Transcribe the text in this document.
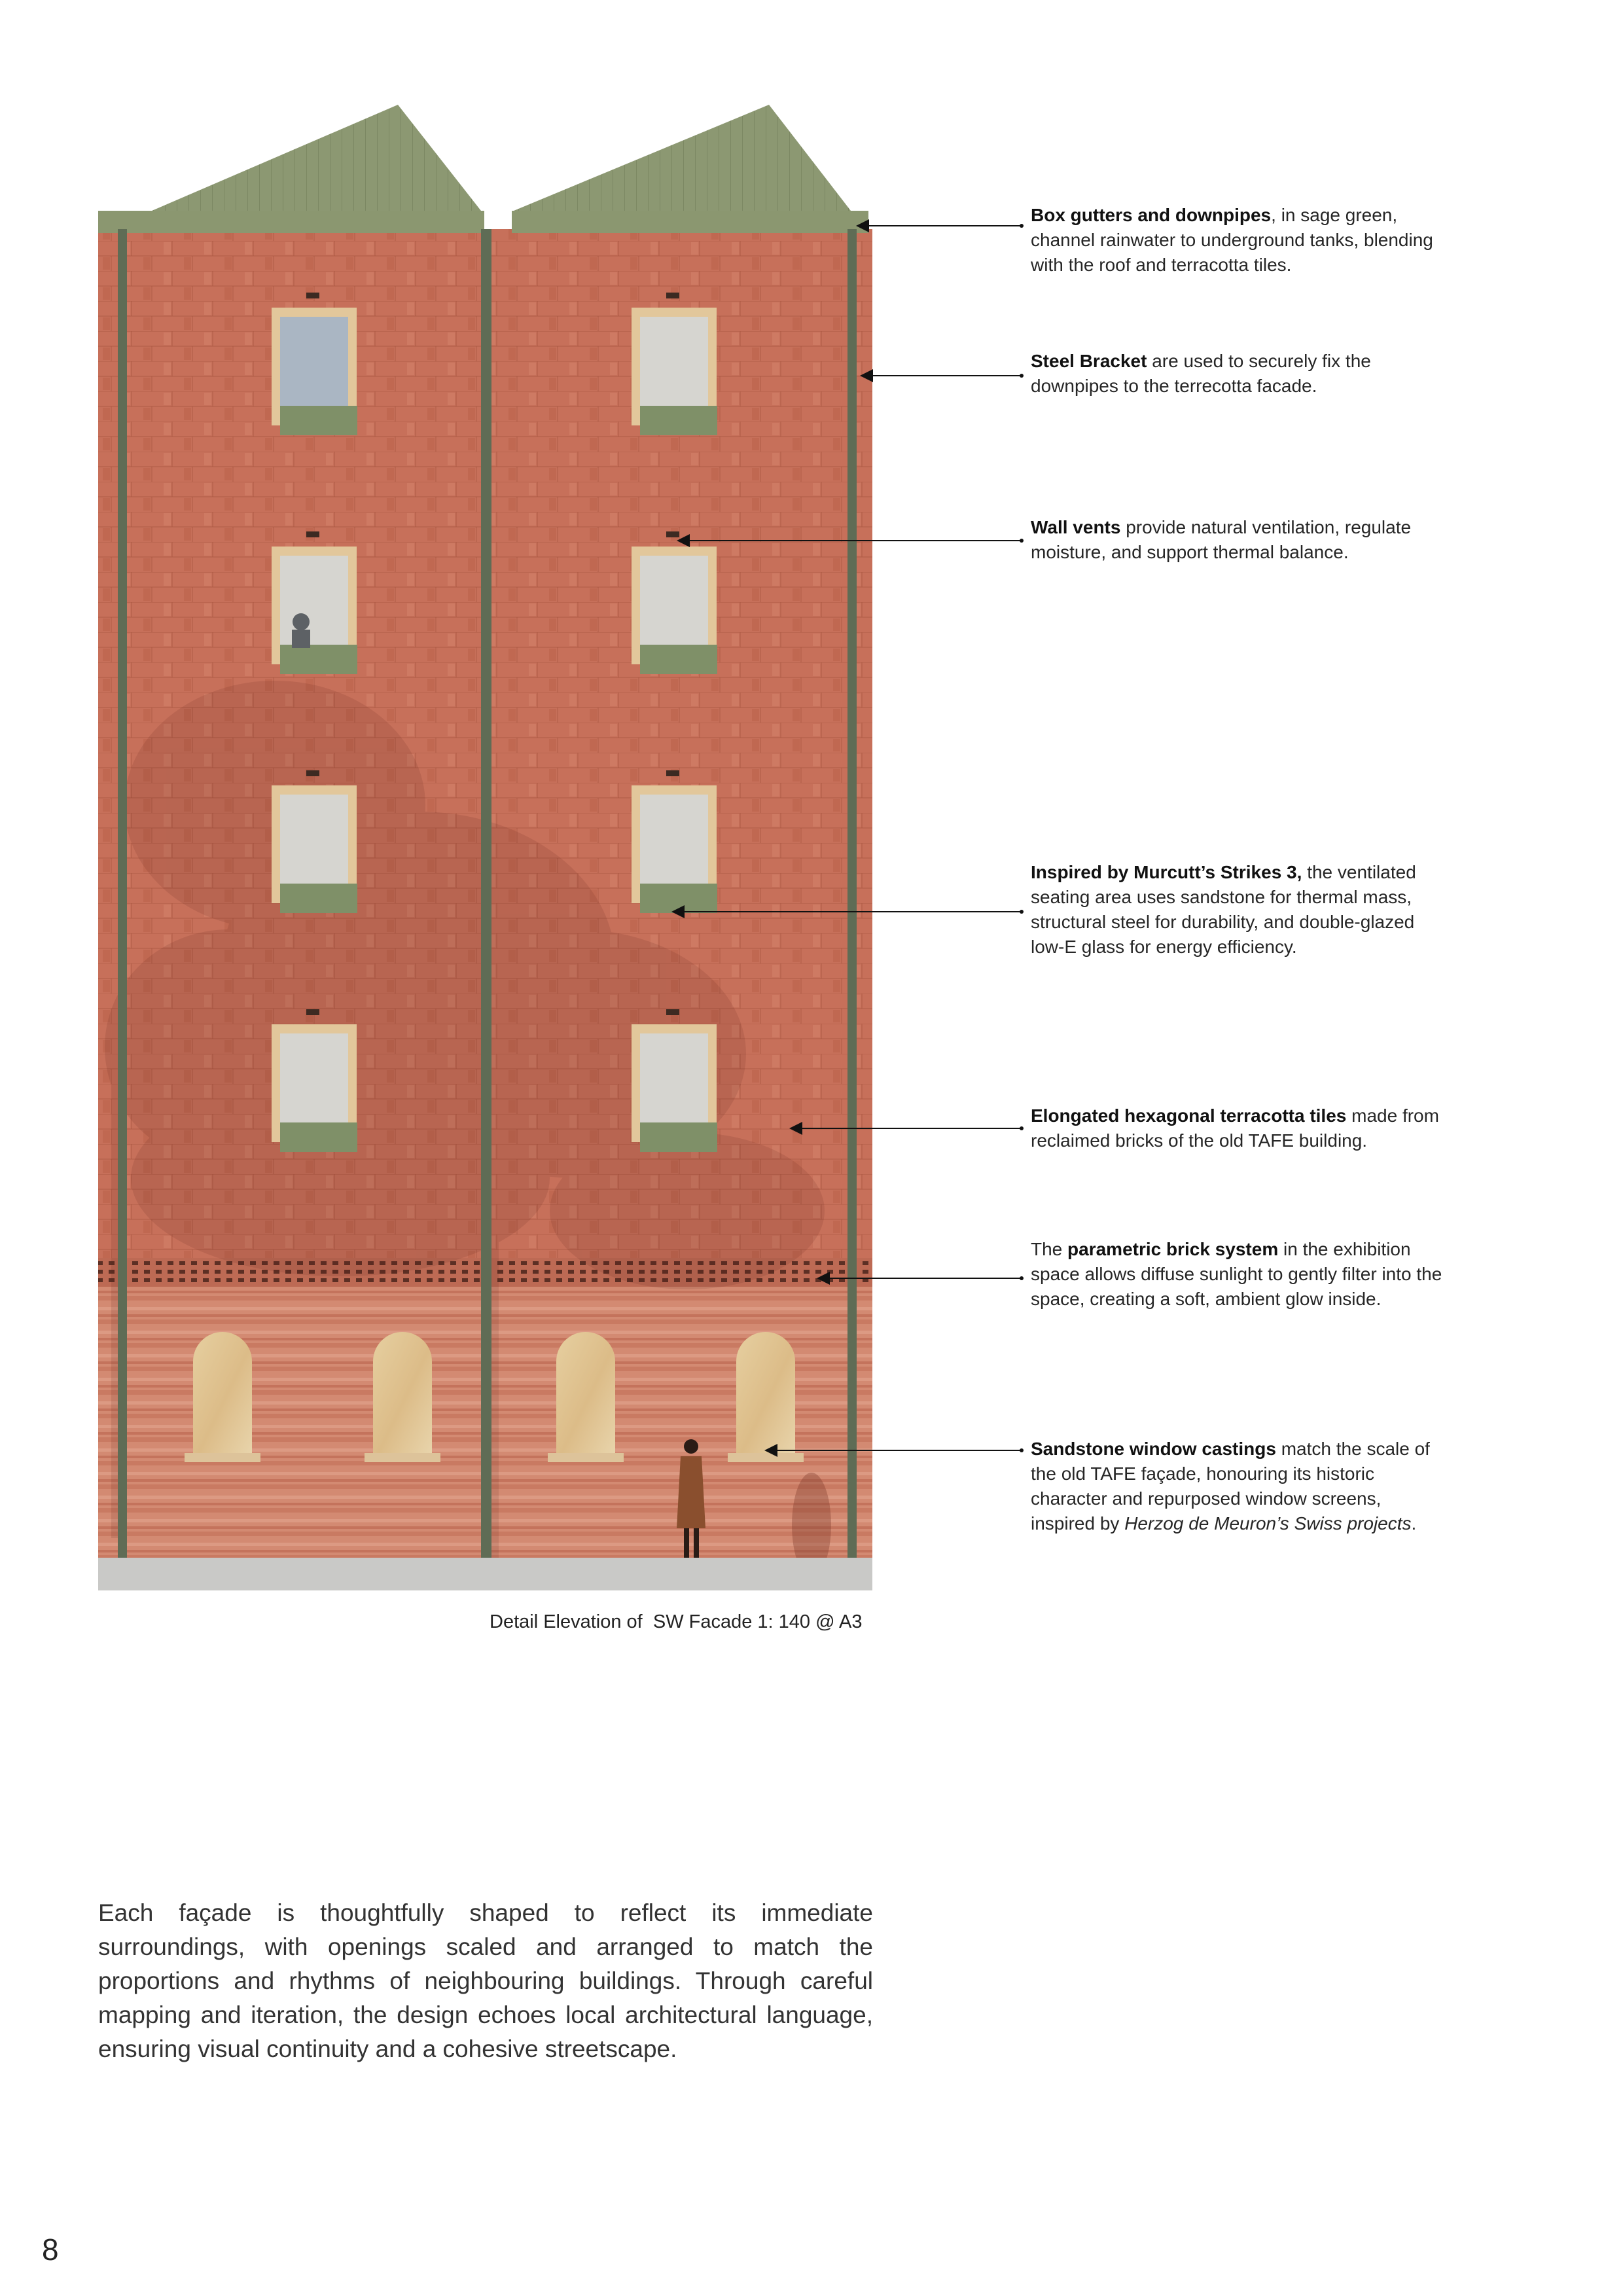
Box gutters and downpipes, in sage green, channel rainwater to underground tanks, blending with the roof and terracotta tiles.
Steel Bracket are used to securely fix the downpipes to the terrecotta facade.
Wall vents provide natural ventilation, regulate moisture, and support thermal balance.
Inspired by Murcutt’s Strikes 3, the ventilated seating area uses sandstone for thermal mass, structural steel for durability, and double-glazed low-E glass for energy efficiency.
Elongated hexagonal terracotta tiles made from reclaimed bricks of the old TAFE building.
The parametric brick system in the exhibition space allows diffuse sunlight to gently filter into the space, creating a soft, ambient glow inside.
Sandstone window castings match the scale of the old TAFE façade, honouring its historic character and repurposed window screens, inspired by Herzog de Meuron’s Swiss projects.
Detail Elevation of  SW Facade 1: 140 @ A3

Each façade is thoughtfully shaped to reflect its immediate surroundings, with openings scaled and arranged to match the proportions and rhythms of neighbouring buildings. Through careful mapping and iteration, the design echoes local architectural language, ensuring visual continuity and a cohesive streetscape.

8
